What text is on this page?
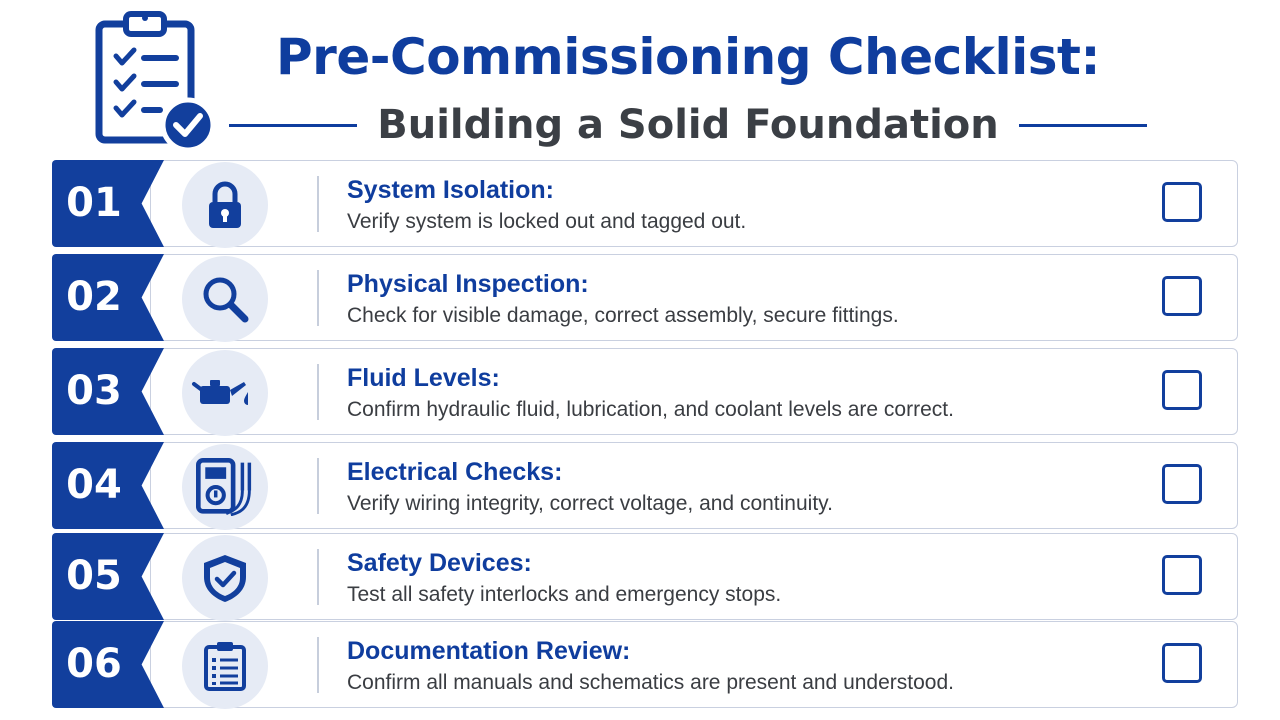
Pre-Commissioning Checklist:
Building a Solid Foundation
01	System Isolation:
Verify system is locked out and tagged out.
02	Physical Inspection:
Check for visible damage, correct assembly, secure fittings.
03	Fluid Levels:
Confirm hydraulic fluid, lubrication, and coolant levels are correct.
04	Electrical Checks:
Verify wiring integrity, correct voltage, and continuity.
05	Safety Devices:
Test all safety interlocks and emergency stops.
06	Documentation Review:
Confirm all manuals and schematics are present and understood.
